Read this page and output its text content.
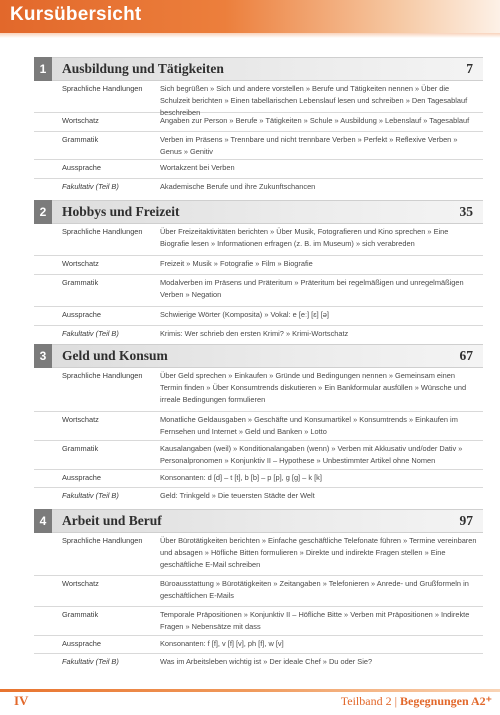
Kursübersicht
1	Ausbildung und Tätigkeiten	7
Sprachliche Handlungen	Sich begrüßen » Sich und andere vorstellen » Berufe und Tätigkeiten nennen » Über die Schulzeit berichten » Einen tabellarischen Lebenslauf lesen und schreiben » Den Tagesablauf beschreiben
Wortschatz	Angaben zur Person » Berufe » Tätigkeiten » Schule » Ausbildung » Lebenslauf » Tagesablauf
Grammatik	Verben im Präsens » Trennbare und nicht trennbare Verben » Perfekt » Reflexive Verben » Genus » Genitiv
Aussprache	Wortakzent bei Verben
Fakultativ (Teil B)	Akademische Berufe und ihre Zukunftschancen
2	Hobbys und Freizeit	35
Sprachliche Handlungen	Über Freizeitaktivitäten berichten » Über Musik, Fotografieren und Kino sprechen » Eine Biografie lesen » Informationen erfragen (z. B. im Museum) » sich verabreden
Wortschatz	Freizeit » Musik » Fotografie » Film » Biografie
Grammatik	Modalverben im Präsens und Präteritum » Präteritum bei regelmäßigen und unregelmäßigen Verben » Negation
Aussprache	Schwierige Wörter (Komposita) » Vokal: e [eː] [ɛ] [ə]
Fakultativ (Teil B)	Krimis: Wer schrieb den ersten Krimi? » Krimi-Wortschatz
3	Geld und Konsum	67
Sprachliche Handlungen	Über Geld sprechen » Einkaufen » Gründe und Bedingungen nennen » Gemeinsam einen Termin finden » Über Konsumtrends diskutieren » Ein Bankformular ausfüllen » Wünsche und irreale Bedingungen formulieren
Wortschatz	Monatliche Geldausgaben » Geschäfte und Konsumartikel » Konsumtrends » Einkaufen im Fernsehen und Internet » Geld und Banken » Lotto
Grammatik	Kausalangaben (weil) » Konditionalangaben (wenn) » Verben mit Akkusativ und/oder Dativ » Personalpronomen » Konjunktiv II – Hypothese » Unbestimmter Artikel ohne Nomen
Aussprache	Konsonanten: d [d] – t [t], b [b] – p [p], g [g] – k [k]
Fakultativ (Teil B)	Geld: Trinkgeld » Die teuersten Städte der Welt
4	Arbeit und Beruf	97
Sprachliche Handlungen	Über Bürotätigkeiten berichten » Einfache geschäftliche Telefonate führen » Termine vereinbaren und absagen » Höfliche Bitten formulieren » Direkte und indirekte Fragen stellen » Eine geschäftliche E-Mail schreiben
Wortschatz	Büroausstattung » Bürotätigkeiten » Zeitangaben » Telefonieren » Anrede- und Grußformeln in geschäftlichen E-Mails
Grammatik	Temporale Präpositionen » Konjunktiv II – Höfliche Bitte » Verben mit Präpositionen » Indirekte Fragen » Nebensätze mit dass
Aussprache	Konsonanten: f [f], v [f] [v], ph [f], w [v]
Fakultativ (Teil B)	Was im Arbeitsleben wichtig ist » Der ideale Chef » Du oder Sie?
IV	Teilband 2 | Begegnungen A2⁺
